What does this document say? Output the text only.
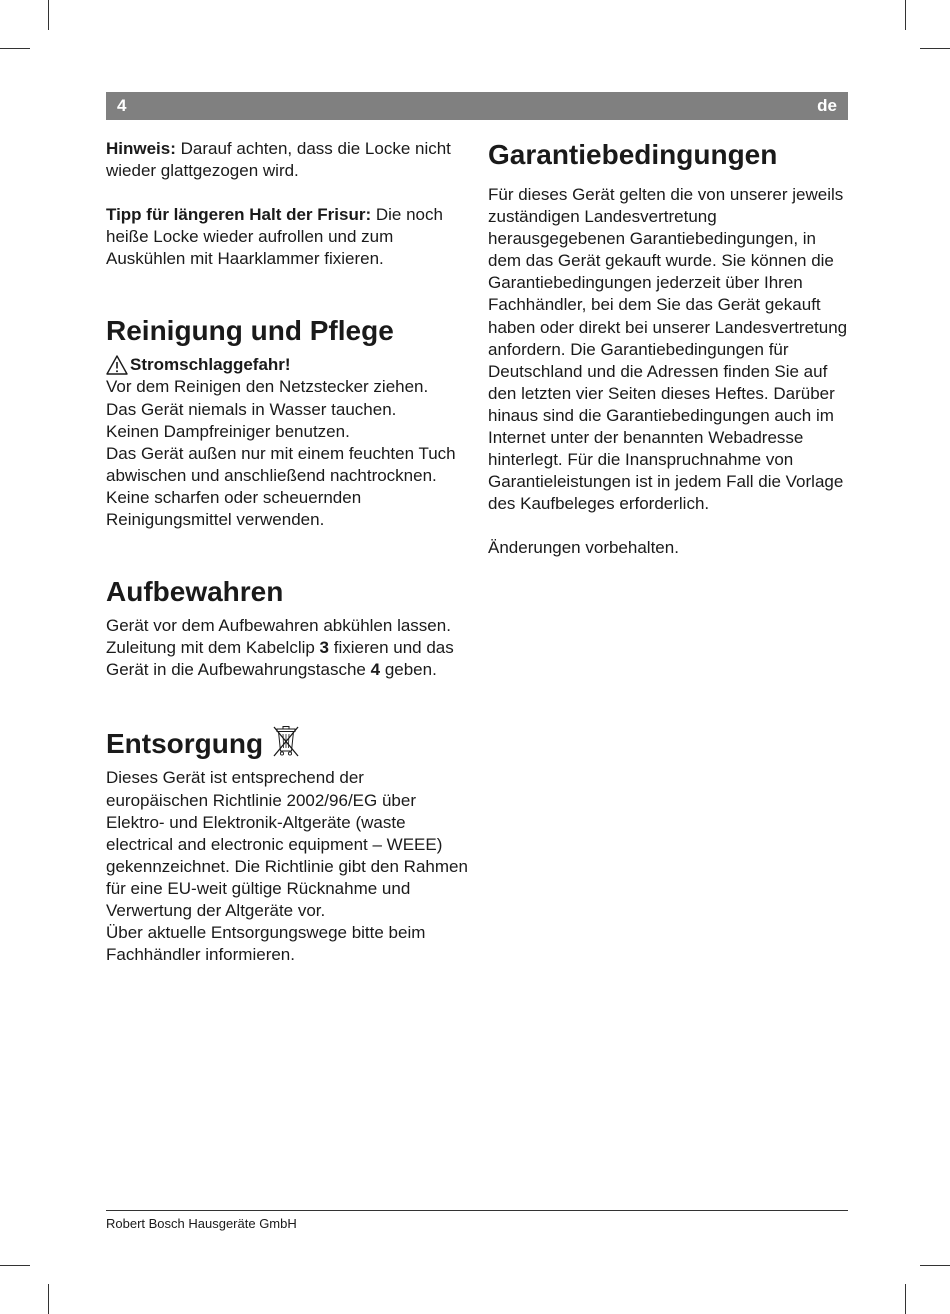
4	de

Hinweis: Darauf achten, dass die Locke nicht wieder glattgezogen wird.

Tipp für längeren Halt der Frisur: Die noch heiße Locke wieder aufrollen und zum Auskühlen mit Haarklammer fixieren.

Reinigung und Pflege
Stromschlaggefahr!

Vor dem Reinigen den Netzstecker ziehen.

Das Gerät niemals in Wasser tauchen.

Keinen Dampfreiniger benutzen.

Das Gerät außen nur mit einem feuchten Tuch abwischen und anschließend nachtrocknen. Keine scharfen oder scheuernden Reinigungsmittel verwenden.

Aufbewahren

Gerät vor dem Aufbewahren abkühlen lassen.

Zuleitung mit dem Kabelclip 3 fixieren und das Gerät in die Aufbewahrungstasche 4 geben.

Entsorgung

Dieses Gerät ist entsprechend der europäischen Richtlinie 2002/96/EG über Elektro- und Elektronik-Altgeräte (waste electrical and electronic equipment – WEEE) gekennzeichnet. Die Richtlinie gibt den Rahmen für eine EU-weit gültige Rücknahme und Verwertung der Altgeräte vor.

Über aktuelle Entsorgungswege bitte beim Fachhändler informieren.

Garantiebedingungen

Für dieses Gerät gelten die von unserer jeweils zuständigen Landesvertretung herausgegebenen Garantiebedingungen, in dem das Gerät gekauft wurde. Sie können die Garantiebedingungen jederzeit über Ihren Fachhändler, bei dem Sie das Gerät gekauft haben oder direkt bei unserer Landesvertretung anfordern. Die Garantiebedingungen für Deutschland und die Adressen finden Sie auf den letzten vier Seiten dieses Heftes. Darüber hinaus sind die Garantiebedingungen auch im Internet unter der benannten Webadresse hinterlegt. Für die Inanspruchnahme von Garantieleistungen ist in jedem Fall die Vorlage des Kaufbeleges erforderlich.

Änderungen vorbehalten.

Robert Bosch Hausgeräte GmbH
